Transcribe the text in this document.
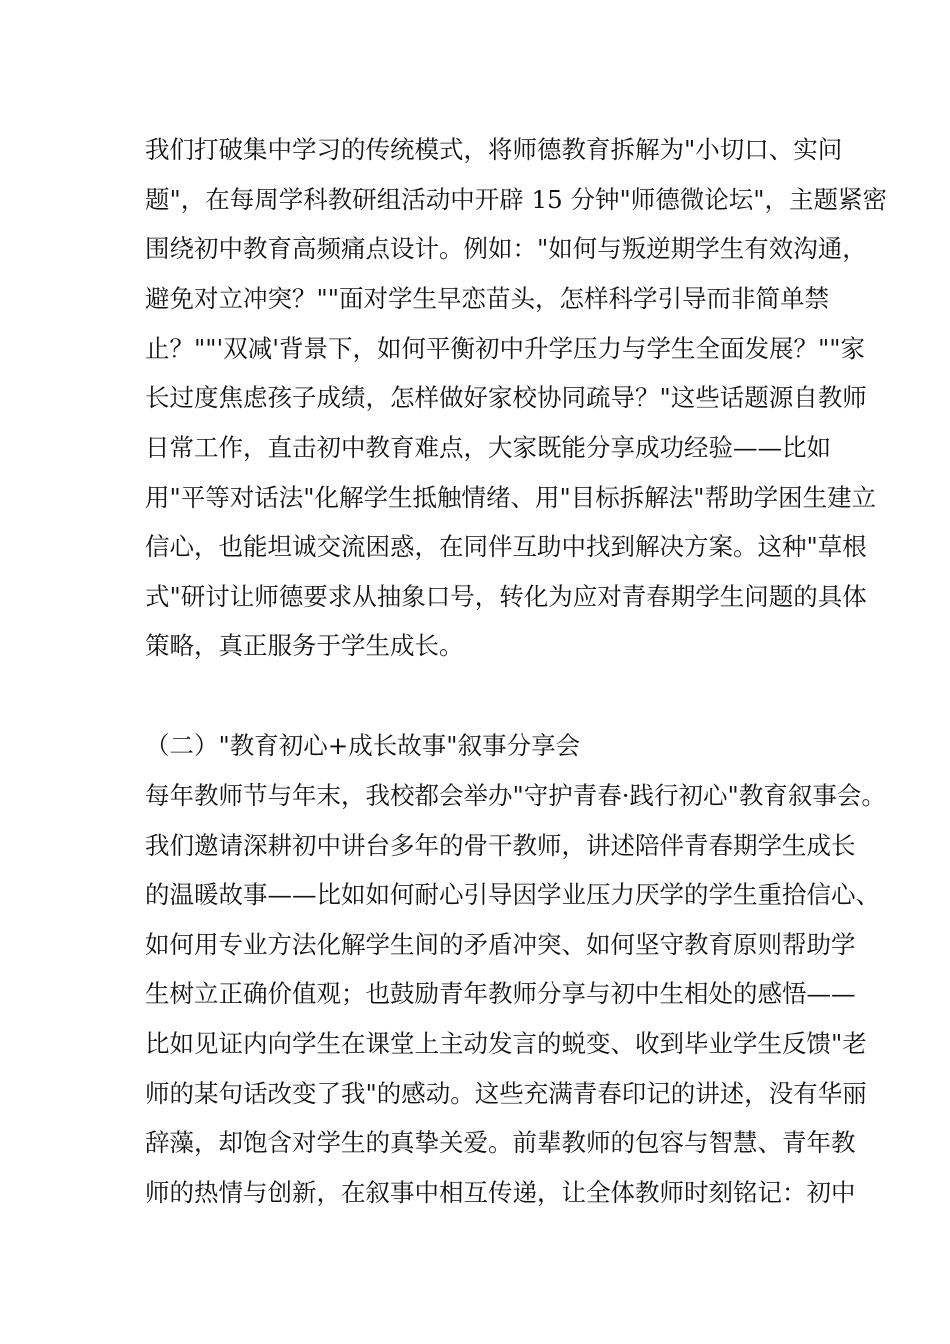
我们打破集中学习的传统模式，将师德教育拆解为"小切口、实问
题"，在每周学科教研组活动中开辟 15 分钟"师德微论坛"，主题紧密
围绕初中教育高频痛点设计。例如："如何与叛逆期学生有效沟通，
避免对立冲突？""面对学生早恋苗头，怎样科学引导而非简单禁
止？""'双减'背景下，如何平衡初中升学压力与学生全面发展？""家
长过度焦虑孩子成绩，怎样做好家校协同疏导？"这些话题源自教师
日常工作，直击初中教育难点，大家既能分享成功经验——比如
用"平等对话法"化解学生抵触情绪、用"目标拆解法"帮助学困生建立
信心，也能坦诚交流困惑，在同伴互助中找到解决方案。这种"草根
式"研讨让师德要求从抽象口号，转化为应对青春期学生问题的具体
策略，真正服务于学生成长。
（二）"教育初心+成长故事"叙事分享会
每年教师节与年末，我校都会举办"守护青春·践行初心"教育叙事会。
我们邀请深耕初中讲台多年的骨干教师，讲述陪伴青春期学生成长
的温暖故事——比如如何耐心引导因学业压力厌学的学生重拾信心、
如何用专业方法化解学生间的矛盾冲突、如何坚守教育原则帮助学
生树立正确价值观；也鼓励青年教师分享与初中生相处的感悟——
比如见证内向学生在课堂上主动发言的蜕变、收到毕业学生反馈"老
师的某句话改变了我"的感动。这些充满青春印记的讲述，没有华丽
辞藻，却饱含对学生的真挚关爱。前辈教师的包容与智慧、青年教
师的热情与创新，在叙事中相互传递，让全体教师时刻铭记：初中
